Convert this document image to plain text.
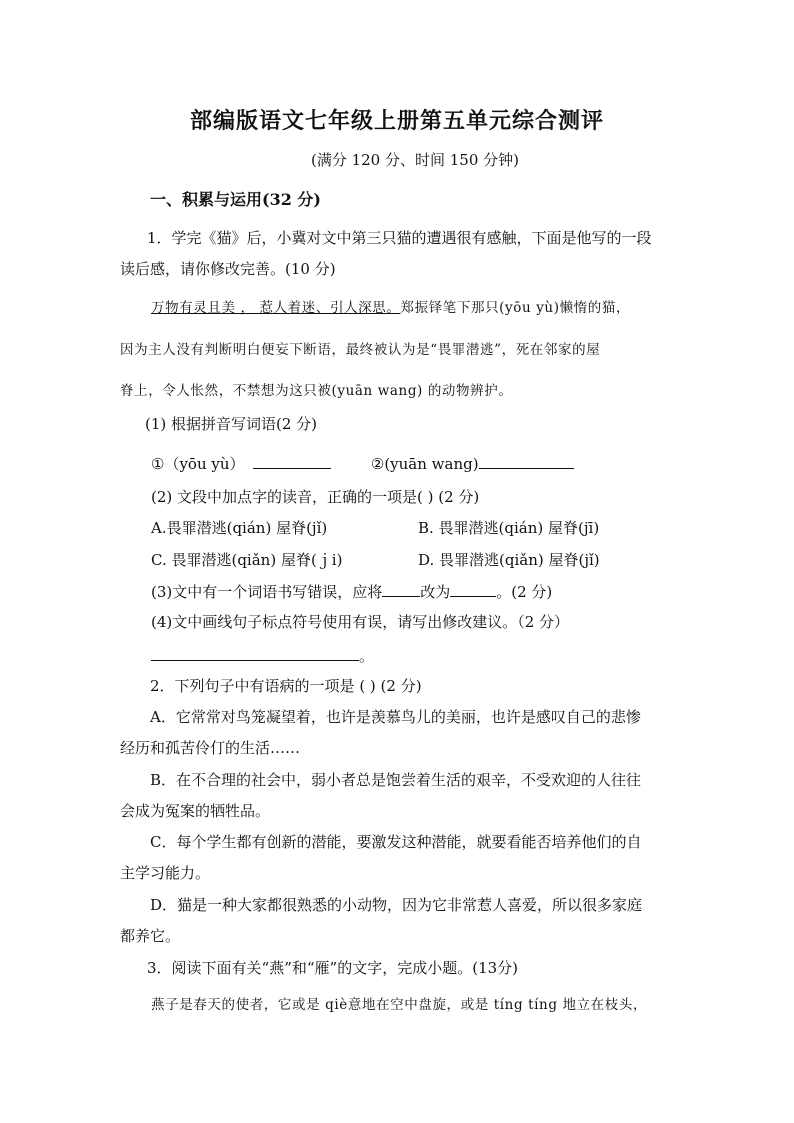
部编版语文七年级上册第五单元综合测评
(满分 120 分、时间 150 分钟)
一、积累与运用(32 分)
1．学完《猫》后，小冀对文中第三只猫的遭遇很有感触，下面是他写的一段
读后感，请你修改完善。(10 分)
万物有灵且美 ， 惹人着迷、引人深思。郑振铎笔下那只(yōu yù)懒惰的猫，
因为主人没有判断明白便妄下断语，最终被认为是“畏罪潜逃”，死在邻家的屋
脊上，令人怅然，不禁想为这只被(yuān wang) 的动物辨护。
(1) 根据拼音写词语(2 分)
①（yōu yù）	②(yuān wang)
(2) 文段中加点字的读音，正确的一项是( ) (2 分)
A.畏罪潜逃(qián) 屋脊(jǐ)	B. 畏罪潜逃(qián) 屋脊(jī)
C. 畏罪潜逃(qiǎn) 屋脊(ｊi)	D. 畏罪潜逃(qiǎn) 屋脊(jǐ)
(3)文中有一个词语书写错误，应将	改为	。(2 分)
(4)文中画线句子标点符号使用有误，请写出修改建议。（2 分）
。
2．下列句子中有语病的一项是 ( ) (2 分)
A．它常常对鸟笼凝望着，也许是羡慕鸟儿的美丽，也许是感叹自己的悲惨
经历和孤苦伶仃的生活……
B．在不合理的社会中，弱小者总是饱尝着生活的艰辛，不受欢迎的人往往
会成为冤案的牺牲品。
C．每个学生都有创新的潜能，要激发这种潜能，就要看能否培养他们的自
主学习能力。
D．猫是一种大家都很熟悉的小动物，因为它非常惹人喜爱，所以很多家庭
都养它。
3．阅读下面有关“燕”和“雁”的文字，完成小题。(13分)
燕子是春天的使者，它或是 qiè意地在空中盘旋，或是 tíng tíng 地立在枝头，
